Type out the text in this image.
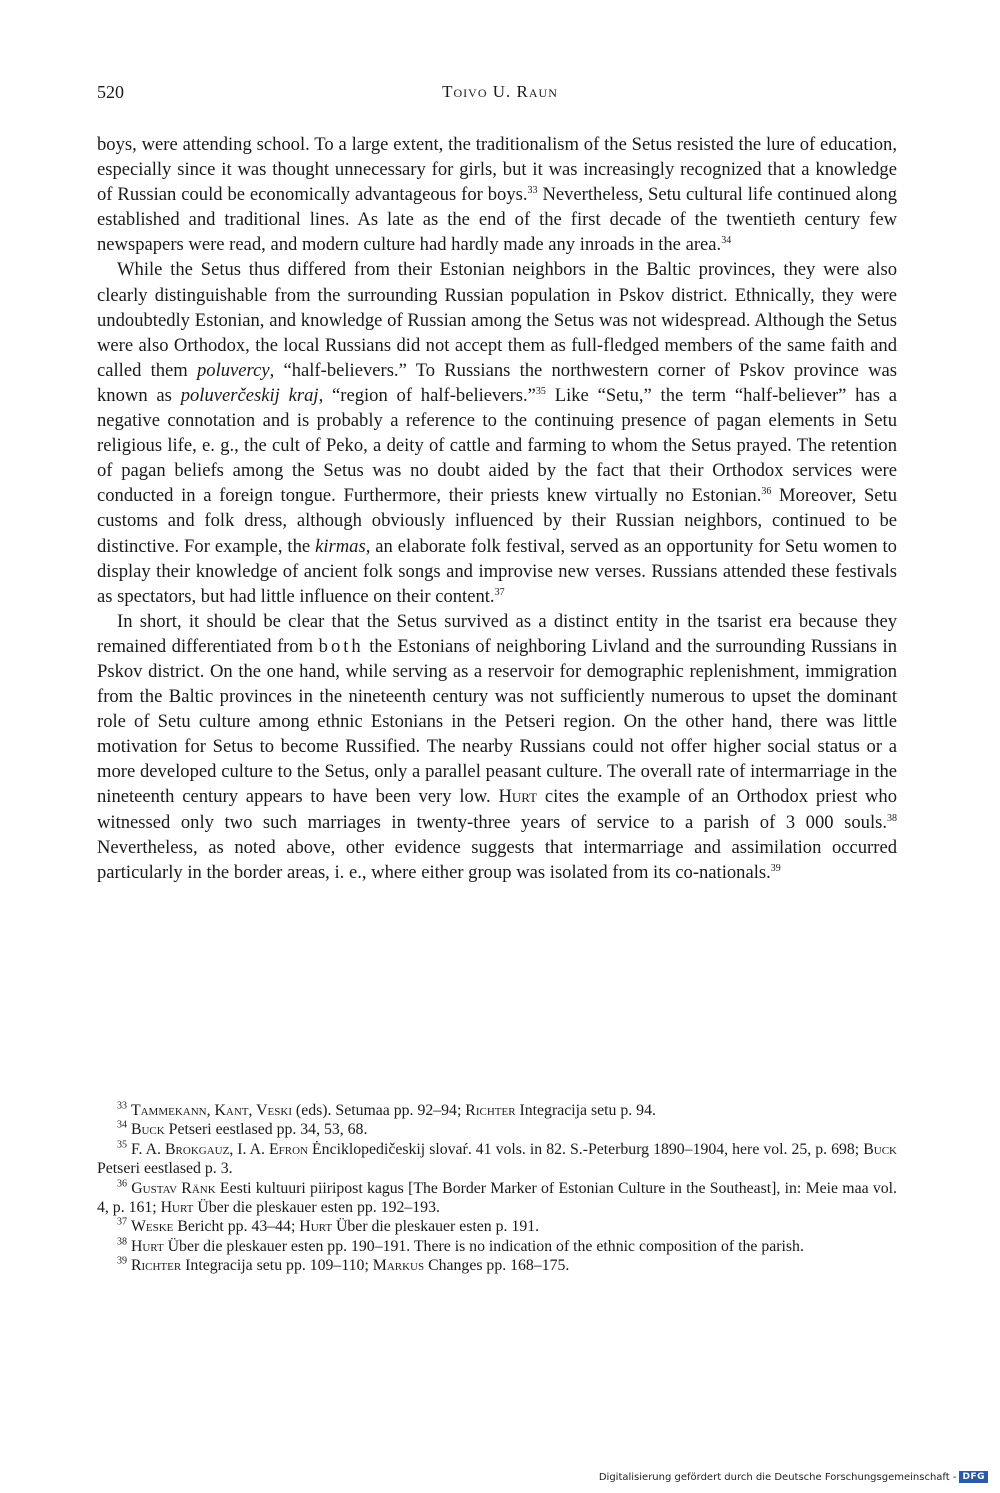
520	Toivo U. Raun

boys, were attending school. To a large extent, the traditionalism of the Setus resisted the lure of education, especially since it was thought unnecessary for girls, but it was increasingly recognized that a knowledge of Russian could be economically advantageous for boys.$^{33}$ Nevertheless, Setu cultural life continued along established and traditional lines. As late as the end of the first decade of the twentieth century few newspapers were read, and modern culture had hardly made any inroads in the area.$^{34}$

While the Setus thus differed from their Estonian neighbors in the Baltic provinces, they were also clearly distinguishable from the surrounding Russian population in Pskov district. Ethnically, they were undoubtedly Estonian, and knowledge of Russian among the Setus was not widespread. Although the Setus were also Orthodox, the local Russians did not accept them as full-fledged members of the same faith and called them poluvercy, “half-believers.” To Russians the northwestern corner of Pskov province was known as poluverčeskij kraj, “region of half-believers.”$^{35}$ Like “Setu,” the term “half-believer” has a negative connotation and is probably a reference to the continuing presence of pagan elements in Setu religious life, e. g., the cult of Peko, a deity of cattle and farming to whom the Setus prayed. The retention of pagan beliefs among the Setus was no doubt aided by the fact that their Orthodox services were conducted in a foreign tongue. Furthermore, their priests knew virtually no Estonian.$^{36}$ Moreover, Setu customs and folk dress, although obviously influenced by their Russian neighbors, continued to be distinctive. For example, the kirmas, an elaborate folk festival, served as an opportunity for Setu women to display their knowledge of ancient folk songs and improvise new verses. Russians attended these festivals as spectators, but had little influence on their content.$^{37}$

In short, it should be clear that the Setus survived as a distinct entity in the tsarist era because they remained differentiated from both the Estonians of neighboring Livland and the surrounding Russians in Pskov district. On the one hand, while serving as a reservoir for demographic replenishment, immigration from the Baltic provinces in the nineteenth century was not sufficiently numerous to upset the dominant role of Setu culture among ethnic Estonians in the Petseri region. On the other hand, there was little motivation for Setus to become Russified. The nearby Russians could not offer higher social status or a more developed culture to the Setus, only a parallel peasant culture. The overall rate of intermarriage in the nineteenth century appears to have been very low. Hurt cites the example of an Orthodox priest who witnessed only two such marriages in twenty-three years of service to a parish of 3 000 souls.$^{38}$ Nevertheless, as noted above, other evidence suggests that intermarriage and assimilation occurred particularly in the border areas, i. e., where either group was isolated from its co-nationals.$^{39}$

$^{33}$ Tammekann, Kant, Veski (eds). Setumaa pp. 92–94; Richter Integracija setu p. 94.

$^{34}$ Buck Petseri eestlased pp. 34, 53, 68.

$^{35}$ F. A. Brokgauz, I. A. Efron Ėnciklopedičeskij slovaŕ. 41 vols. in 82. S.-Peterburg 1890–1904, here vol. 25, p. 698; Buck Petseri eestlased p. 3.

$^{36}$ Gustav Ränk Eesti kultuuri piiripost kagus [The Border Marker of Estonian Culture in the Southeast], in: Meie maa vol. 4, p. 161; Hurt Über die pleskauer esten pp. 192–193.

$^{37}$ Weske Bericht pp. 43–44; Hurt Über die pleskauer esten p. 191.

$^{38}$ Hurt Über die pleskauer esten pp. 190–191. There is no indication of the ethnic composition of the parish.

$^{39}$ Richter Integracija setu pp. 109–110; Markus Changes pp. 168–175.

Digitalisierung gefördert durch die Deutsche Forschungsgemeinschaft - DFG
